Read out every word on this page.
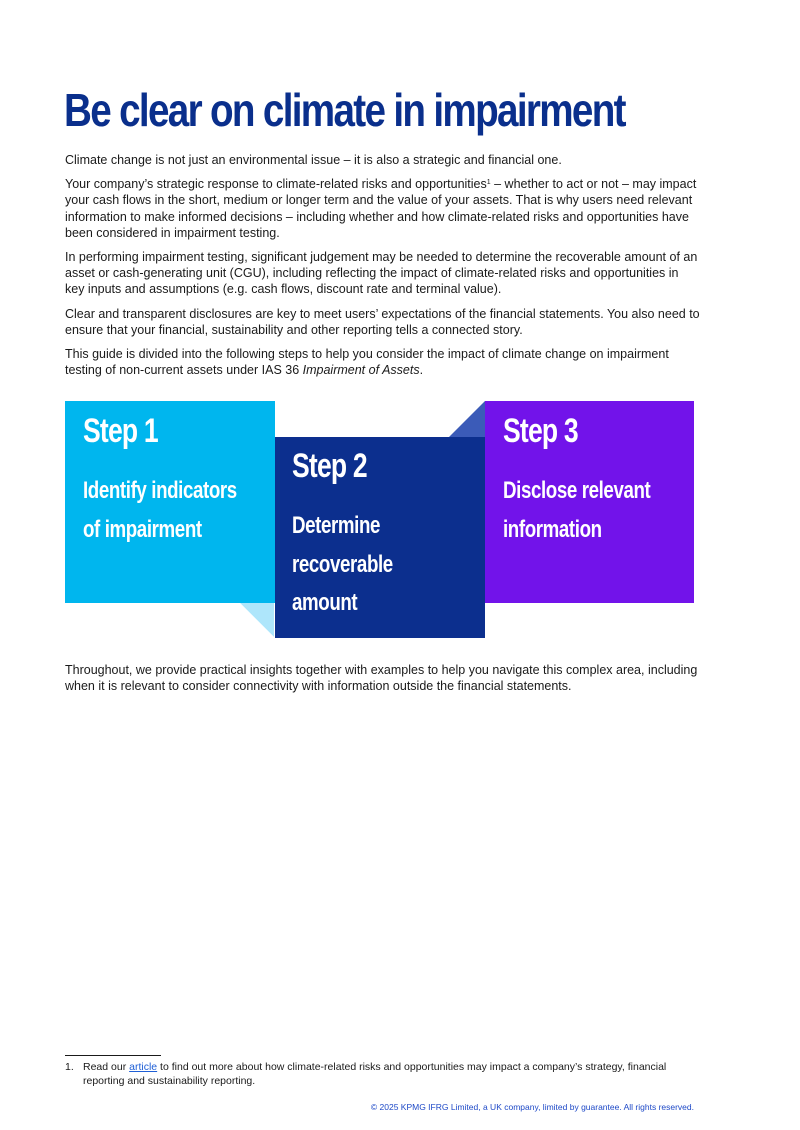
Be clear on climate in impairment

Climate change is not just an environmental issue – it is also a strategic and financial one.

Your company’s strategic response to climate-related risks and opportunities$^1$ – whether to act or not – may impact your cash flows in the short, medium or longer term and the value of your assets. That is why users need relevant information to make informed decisions – including whether and how climate-related risks and opportunities have been considered in impairment testing.

In performing impairment testing, significant judgement may be needed to determine the recoverable amount of an asset or cash-generating unit (CGU), including reflecting the impact of climate-related risks and opportunities in key inputs and assumptions (e.g. cash flows, discount rate and terminal value).

Clear and transparent disclosures are key to meet users’ expectations of the financial statements. You also need to ensure that your financial, sustainability and other reporting tells a connected story.

This guide is divided into the following steps to help you consider the impact of climate change on impairment testing of non-current assets under IAS 36 Impairment of Assets.

Step 1

Identify indicators
of impairment

Step 2

Determine
recoverable
amount

Step 3

Disclose relevant
information

Throughout, we provide practical insights together with examples to help you navigate this complex area, including when it is relevant to consider connectivity with information outside the financial statements.

1. Read our article to find out more about how climate-related risks and opportunities may impact a company’s strategy, financial reporting and sustainability reporting.
© 2025 KPMG IFRG Limited, a UK company, limited by guarantee. All rights reserved.
